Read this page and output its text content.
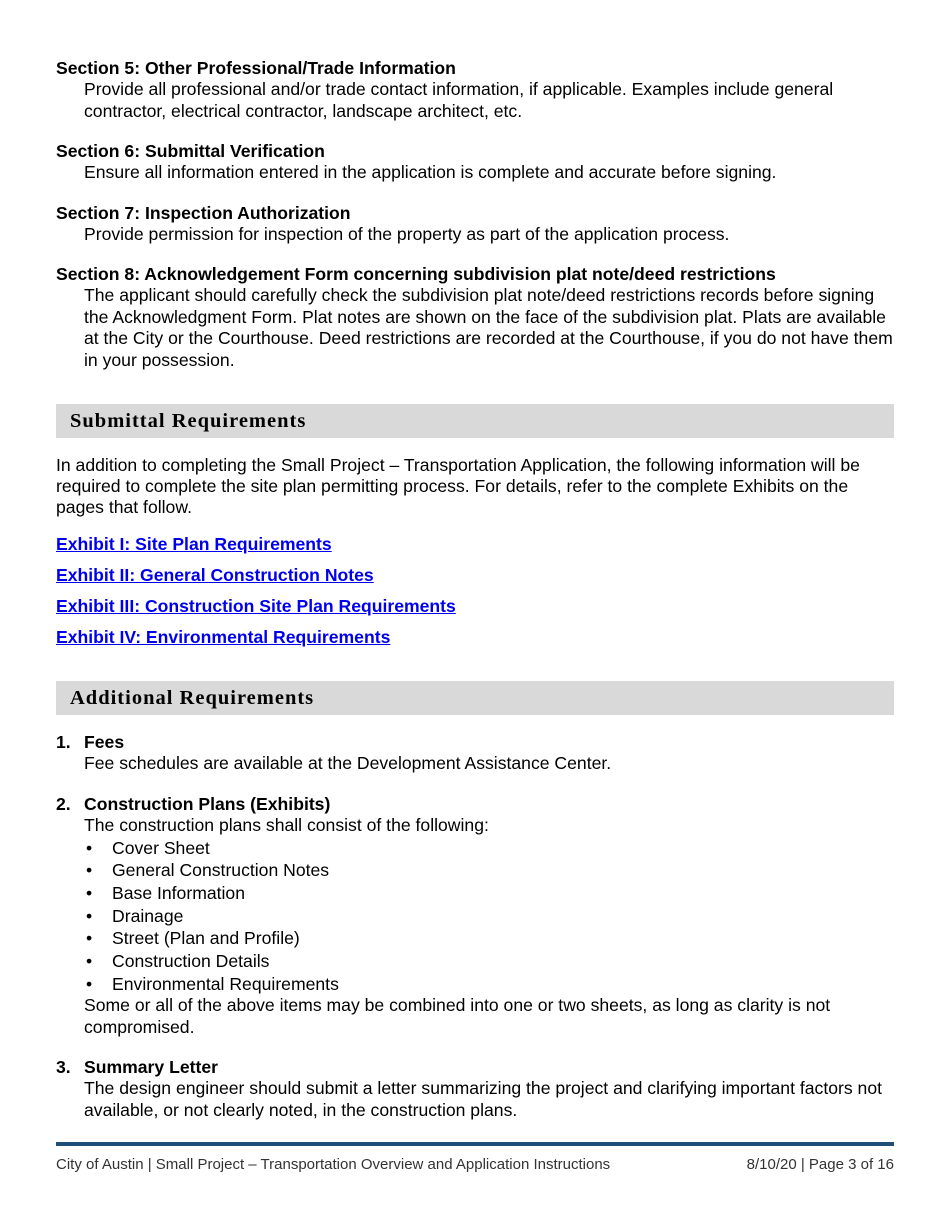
Section 5: Other Professional/Trade Information
Provide all professional and/or trade contact information, if applicable. Examples include general contractor, electrical contractor, landscape architect, etc.
Section 6: Submittal Verification
Ensure all information entered in the application is complete and accurate before signing.
Section 7: Inspection Authorization
Provide permission for inspection of the property as part of the application process.
Section 8: Acknowledgement Form concerning subdivision plat note/deed restrictions
The applicant should carefully check the subdivision plat note/deed restrictions records before signing the Acknowledgment Form. Plat notes are shown on the face of the subdivision plat. Plats are available at the City or the Courthouse. Deed restrictions are recorded at the Courthouse, if you do not have them in your possession.
Submittal Requirements
In addition to completing the Small Project – Transportation Application, the following information will be required to complete the site plan permitting process. For details, refer to the complete Exhibits on the pages that follow.
Exhibit I: Site Plan Requirements
Exhibit II: General Construction Notes
Exhibit III: Construction Site Plan Requirements
Exhibit IV: Environmental Requirements
Additional Requirements
1. Fees
Fee schedules are available at the Development Assistance Center.
2. Construction Plans (Exhibits)
The construction plans shall consist of the following:
• Cover Sheet
• General Construction Notes
• Base Information
• Drainage
• Street (Plan and Profile)
• Construction Details
• Environmental Requirements
Some or all of the above items may be combined into one or two sheets, as long as clarity is not compromised.
3. Summary Letter
The design engineer should submit a letter summarizing the project and clarifying important factors not available, or not clearly noted, in the construction plans.
City of Austin | Small Project – Transportation Overview and Application Instructions	8/10/20 | Page 3 of 16
